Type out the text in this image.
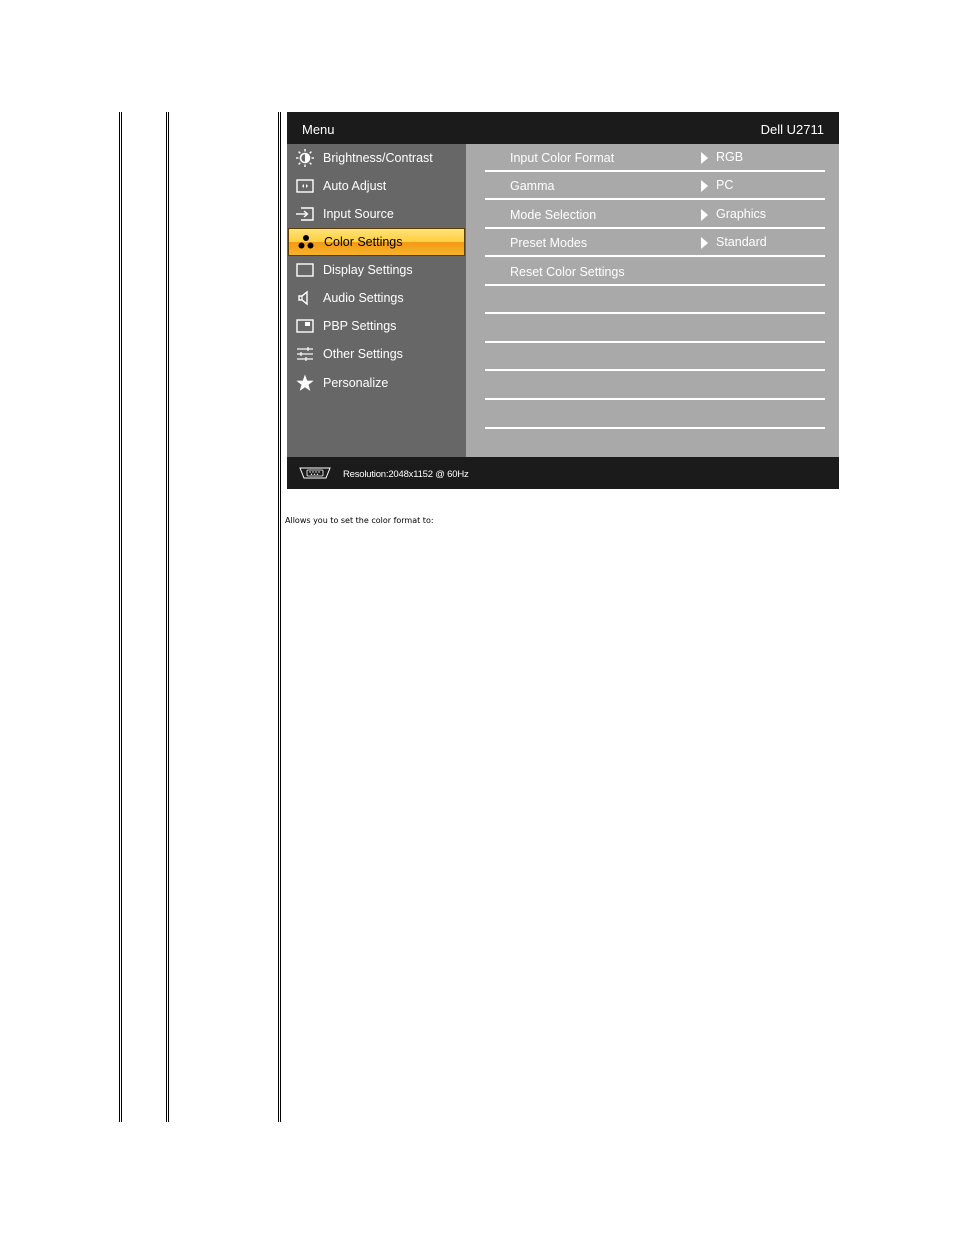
Menu	Dell U2711
Brightness/Contrast
Auto Adjust
Input Source
Color Settings
Display Settings
Audio Settings
PBP Settings
Other Settings
Personalize
Input Color Format	RGB
Gamma	PC
Mode Selection	Graphics
Preset Modes	Standard
Reset Color Settings
Resolution:2048x1152 @ 60Hz
Allows you to set the color format to:
